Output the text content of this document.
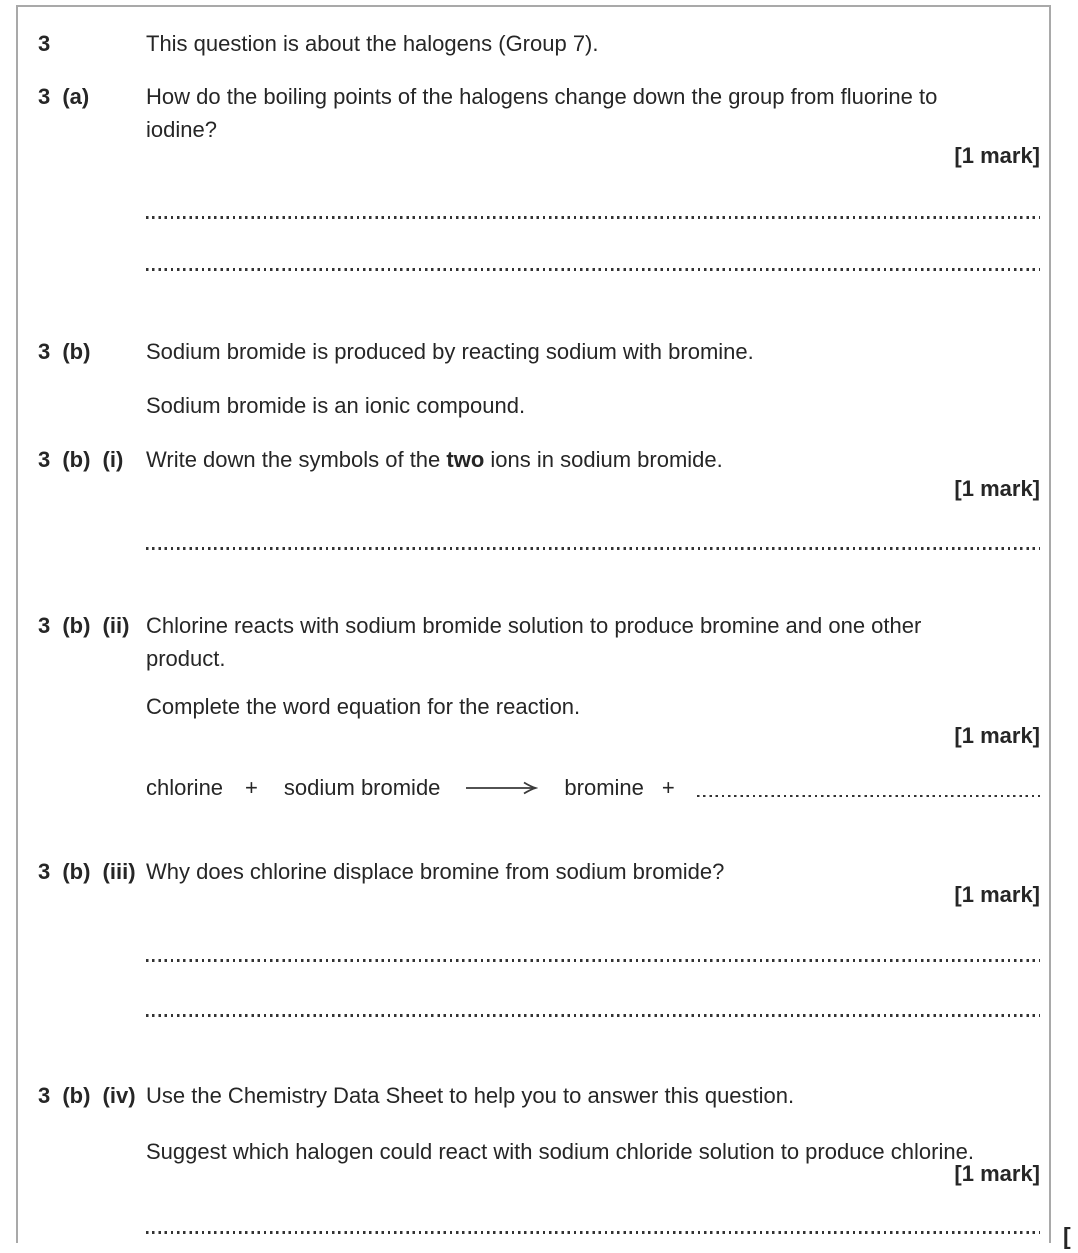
3	This question is about the halogens (Group 7).
3 (a)	How do the boiling points of the halogens change down the group from fluorine to
iodine?
[1 mark]
3 (b)	Sodium bromide is produced by reacting sodium with bromine.
Sodium bromide is an ionic compound.
3 (b) (i) Write down the symbols of the two ions in sodium bromide.
[1 mark]
3 (b) (ii) Chlorine reacts with sodium bromide solution to produce bromine and one other
product.
Complete the word equation for the reaction.
[1 mark]
chlorine + sodium bromide → bromine +
3 (b) (iii) Why does chlorine displace bromine from sodium bromide?
[1 mark]
3 (b) (iv) Use the Chemistry Data Sheet to help you to answer this question.
Suggest which halogen could react with sodium chloride solution to produce chlorine.
[1 mark]
[
